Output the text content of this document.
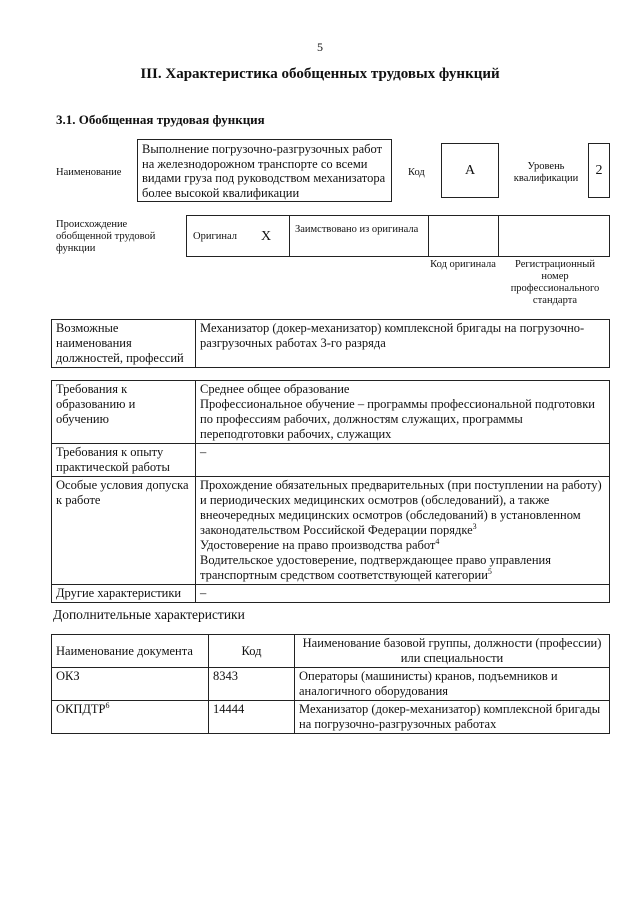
5
III. Характеристика обобщенных трудовых функций
3.1. Обобщенная трудовая функция
Наименование
Выполнение погрузочно-разгрузочных работ на железнодорожном транспорте со всеми видами груза под руководством механизатора более высокой квалификации
Код	А	Уровень квалификации
2
Происхождение обобщенной трудовой функции
Оригинал Х Заимствовано из оригинала
Код оригинала	Регистрационный номер профессионального стандарта
Возможные наименования должностей, профессий	Механизатор (докер-механизатор) комплексной бригады на погрузочно-разгрузочных работах 3-го разряда
Требования к образованию и обучению	Среднее общее образование
Профессиональное обучение – программы профессиональной подготовки по профессиям рабочих, должностям служащих, программы переподготовки рабочих, служащих

Требования к опыту практической работы	–
Особые условия допуска к работе	Прохождение обязательных предварительных (при поступлении на работу) и периодических медицинских осмотров (обследований), а также внеочередных медицинских осмотров (обследований) в установленном законодательством Российской Федерации порядке$^3$
Удостоверение на право производства работ$^4$
Водительское удостоверение, подтверждающее право управления транспортным средством соответствующей категории$^5$

Другие характеристики	–
Дополнительные характеристики
Наименование документа	Код	Наименование базовой группы, должности (профессии) или специальности
ОКЗ	8343	Операторы (машинисты) кранов, подъемников и аналогичного оборудования
ОКПДТР$^6$	14444	Механизатор (докер-механизатор) комплексной бригады на погрузочно-разгрузочных работах
